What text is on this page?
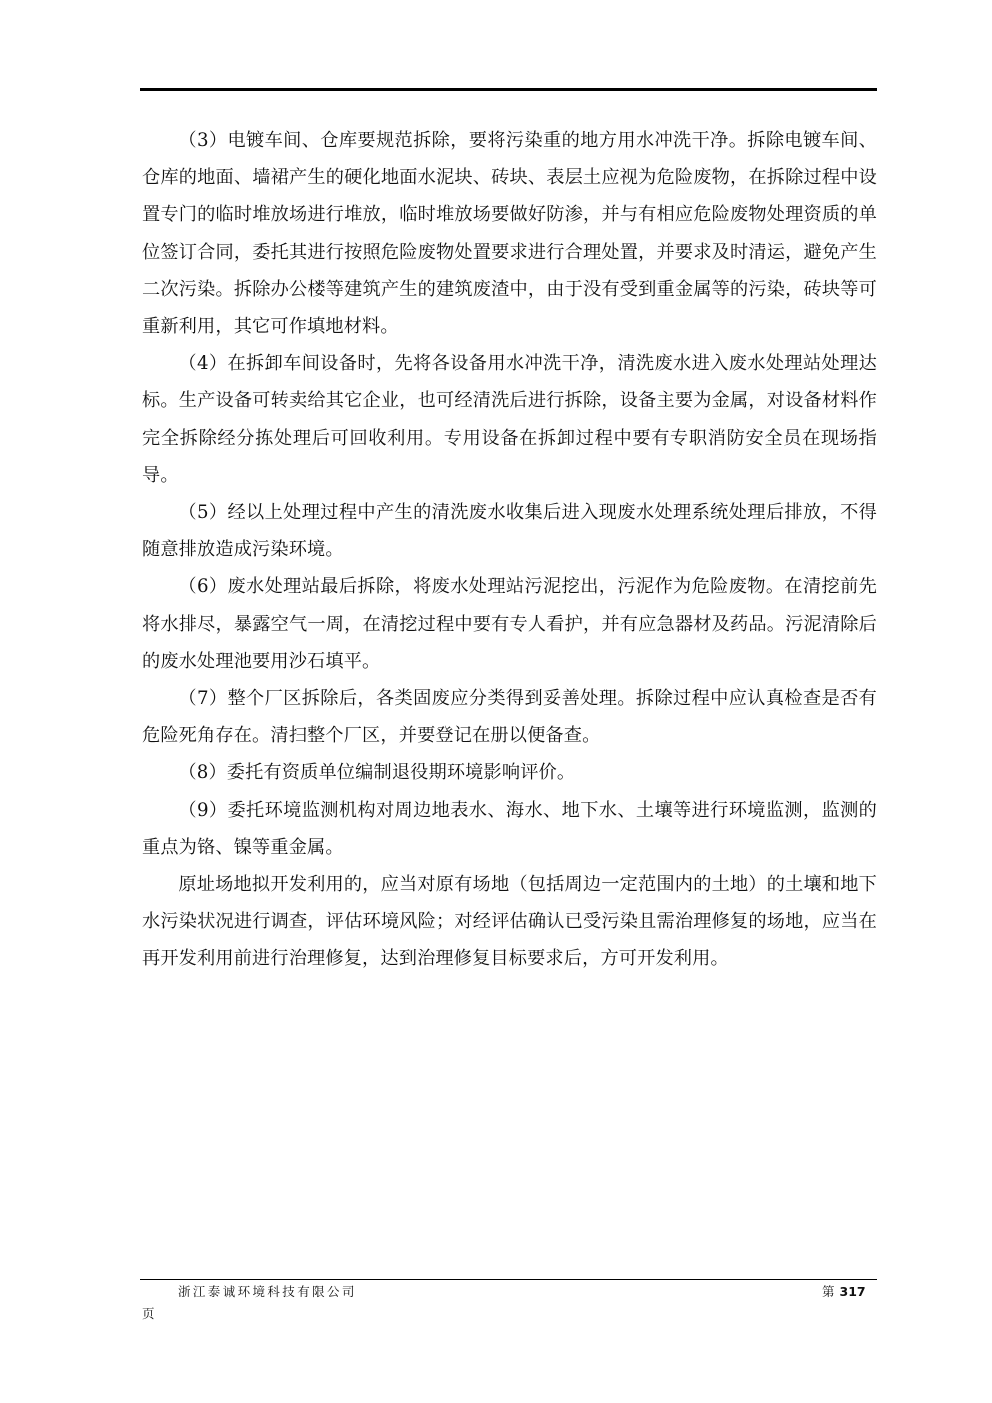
（3）电镀车间、仓库要规范拆除，要将污染重的地方用水冲洗干净。拆除电镀车间、仓库的地面、墙裙产生的硬化地面水泥块、砖块、表层土应视为危险废物，在拆除过程中设置专门的临时堆放场进行堆放，临时堆放场要做好防渗，并与有相应危险废物处理资质的单位签订合同，委托其进行按照危险废物处置要求进行合理处置，并要求及时清运，避免产生二次污染。拆除办公楼等建筑产生的建筑废渣中，由于没有受到重金属等的污染，砖块等可重新利用，其它可作填地材料。

（4）在拆卸车间设备时，先将各设备用水冲洗干净，清洗废水进入废水处理站处理达标。生产设备可转卖给其它企业，也可经清洗后进行拆除，设备主要为金属，对设备材料作完全拆除经分拣处理后可回收利用。专用设备在拆卸过程中要有专职消防安全员在现场指导。

（5）经以上处理过程中产生的清洗废水收集后进入现废水处理系统处理后排放，不得随意排放造成污染环境。

（6）废水处理站最后拆除，将废水处理站污泥挖出，污泥作为危险废物。在清挖前先将水排尽，暴露空气一周，在清挖过程中要有专人看护，并有应急器材及药品。污泥清除后的废水处理池要用沙石填平。

（7）整个厂区拆除后，各类固废应分类得到妥善处理。拆除过程中应认真检查是否有危险死角存在。清扫整个厂区，并要登记在册以便备查。

（8）委托有资质单位编制退役期环境影响评价。

（9）委托环境监测机构对周边地表水、海水、地下水、土壤等进行环境监测，监测的重点为铬、镍等重金属。

原址场地拟开发利用的，应当对原有场地（包括周边一定范围内的土地）的土壤和地下水污染状况进行调查，评估环境风险；对经评估确认已受污染且需治理修复的场地，应当在再开发利用前进行治理修复，达到治理修复目标要求后，方可开发利用。

浙江泰诚环境科技有限公司	第 317
页
